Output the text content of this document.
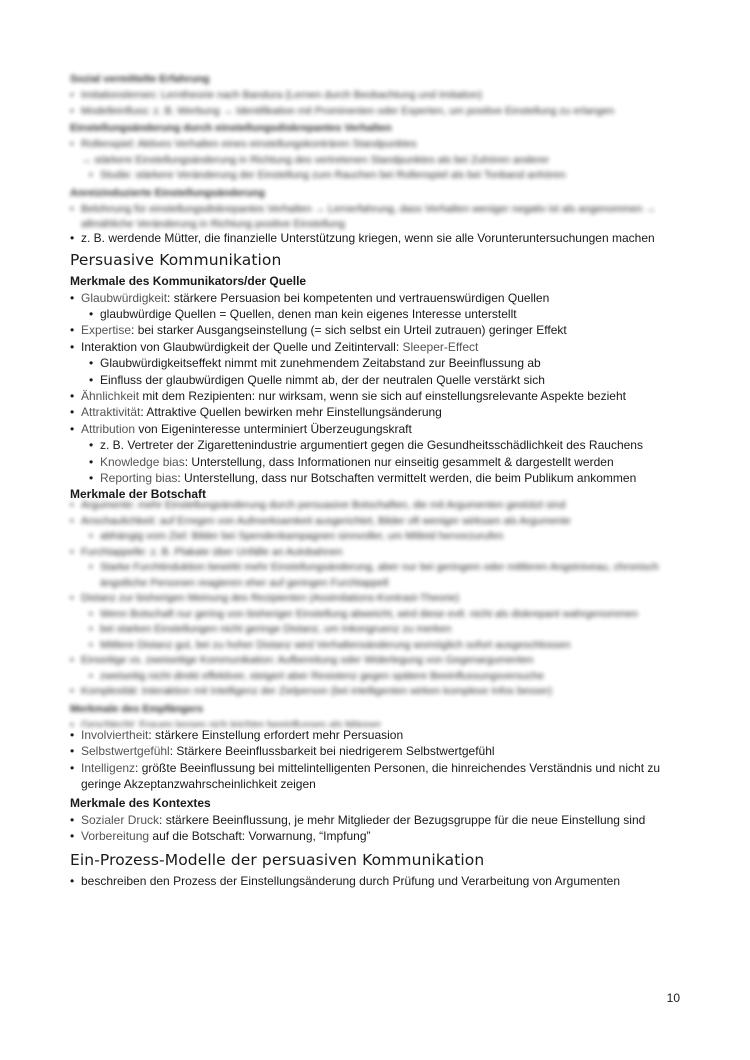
Sozial vermittelte Erfahrung
• Imitationslernen: Lerntheorie nach Bandura (Lernen durch Beobachtung und Imitation)
• Modelleinfluss: z. B. Werbung → Identifikation mit Prominenten oder Experten, um positive Einstellung zu erlangen
Einstellungsänderung durch einstellungsdiskrepantes Verhalten
• Rollenspiel: Aktives Verhalten eines einstellungskonträren Standpunktes
→ stärkere Einstellungsänderung in Richtung des vertretenen Standpunktes als bei Zuhören anderer
• Studie: stärkere Veränderung der Einstellung zum Rauchen bei Rollenspiel als bei Tonband anhören
Anreizinduzierte Einstellungsänderung
• Belohnung für einstellungsdiskrepantes Verhalten → Lernerfahrung, dass Verhalten weniger negativ ist als angenommen → allmähliche Veränderung in Richtung positive Einstellung
• z. B. werdende Mütter, die finanzielle Unterstützung kriegen, wenn sie alle Vorunteruntersuchungen machen
Persuasive Kommunikation
Merkmale des Kommunikators/der Quelle
• Glaubwürdigkeit: stärkere Persuasion bei kompetenten und vertrauenswürdigen Quellen
• glaubwürdige Quellen = Quellen, denen man kein eigenes Interesse unterstellt
• Expertise: bei starker Ausgangseinstellung (= sich selbst ein Urteil zutrauen) geringer Effekt
• Interaktion von Glaubwürdigkeit der Quelle und Zeitintervall: Sleeper-Effect
• Glaubwürdigkeitseffekt nimmt mit zunehmendem Zeitabstand zur Beeinflussung ab
• Einfluss der glaubwürdigen Quelle nimmt ab, der der neutralen Quelle verstärkt sich
• Ähnlichkeit mit dem Rezipienten: nur wirksam, wenn sie sich auf einstellungsrelevante Aspekte bezieht
• Attraktivität: Attraktive Quellen bewirken mehr Einstellungsänderung
• Attribution von Eigeninteresse unterminiert Überzeugungskraft
• z. B. Vertreter der Zigarettenindustrie argumentiert gegen die Gesundheitsschädlichkeit des Rauchens
• Knowledge bias: Unterstellung, dass Informationen nur einseitig gesammelt & dargestellt werden
• Reporting bias: Unterstellung, dass nur Botschaften vermittelt werden, die beim Publikum ankommen
Merkmale der Botschaft
• Argumente: mehr Einstellungsänderung durch persuasive Botschaften, die mit Argumenten gestützt sind
• Anschaulichkeit: auf Erregen von Aufmerksamkeit ausgerichtet, Bilder oft weniger wirksam als Argumente
• abhängig vom Ziel: Bilder bei Spendenkampagnen sinnvoller, um Mitleid hervorzurufen
• Furchtappelle: z. B. Plakate über Unfälle an Autobahnen
• Starke Furchtinduktion bewirkt mehr Einstellungsänderung, aber nur bei geringem oder mittleren Angstniveau, chronisch ängstliche Personen reagieren eher auf geringen Furchtappell
• Distanz zur bisherigen Meinung des Rezipienten (Assimilations-Kontrast-Theorie)
• Wenn Botschaft nur gering von bisheriger Einstellung abweicht, wird diese evtl. nicht als diskrepant wahrgenommen
• bei starken Einstellungen nicht geringe Distanz, um Inkongruenz zu merken
• Mittlere Distanz gut, bei zu hoher Distanz wird Verhaltensänderung womöglich sofort ausgeschlossen
• Einseitige vs. zweiseitige Kommunikation: Aufbereitung oder Widerlegung von Gegenargumenten
• zweiseitig nicht direkt effektiver, steigert aber Resistenz gegen spätere Beeinflussungsversuche
• Komplexität: Interaktion mit Intelligenz der Zielperson (bei intelligenten wirken komplexe Infos besser)
Merkmale des Empfängers
• Geschlecht: Frauen lassen sich leichter beeinflussen als Männer
• Involviertheit: stärkere Einstellung erfordert mehr Persuasion
• Selbstwertgefühl: Stärkere Beeinflussbarkeit bei niedrigerem Selbstwertgefühl
• Intelligenz: größte Beeinflussung bei mittelintelligenten Personen, die hinreichendes Verständnis und nicht zu geringe Akzeptanzwahrscheinlichkeit zeigen
Merkmale des Kontextes
• Sozialer Druck: stärkere Beeinflussung, je mehr Mitglieder der Bezugsgruppe für die neue Einstellung sind
• Vorbereitung auf die Botschaft: Vorwarnung, “Impfung”
Ein-Prozess-Modelle der persuasiven Kommunikation
• beschreiben den Prozess der Einstellungsänderung durch Prüfung und Verarbeitung von Argumenten
10
